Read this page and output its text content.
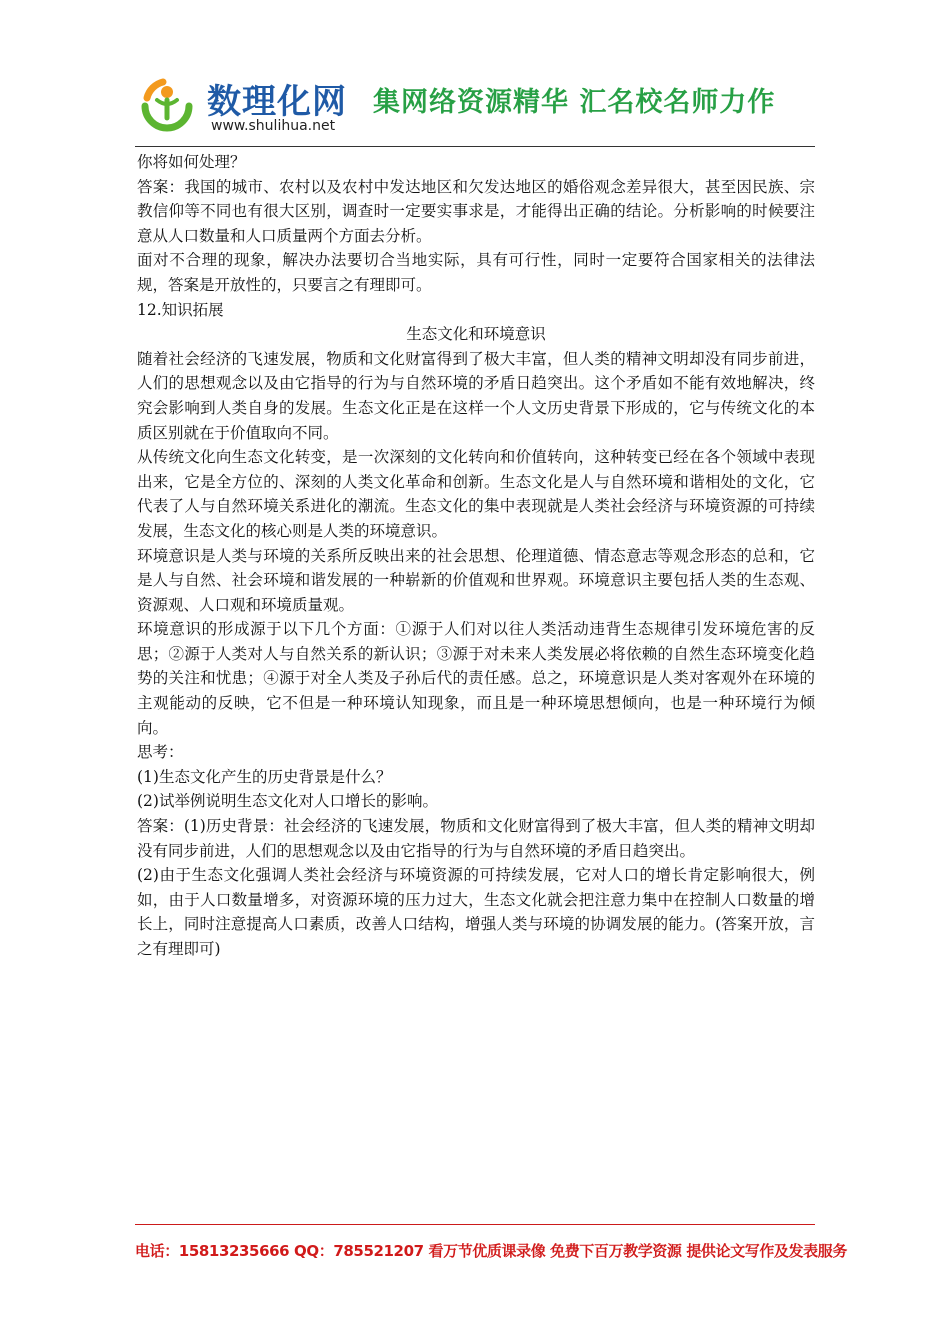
数理化网
www.shulihua.net
集网络资源精华 汇名校名师力作

你将如何处理？

答案：我国的城市、农村以及农村中发达地区和欠发达地区的婚俗观念差异很大，甚至因民族、宗教信仰等不同也有很大区别，调查时一定要实事求是，才能得出正确的结论。分析影响的时候要注意从人口数量和人口质量两个方面去分析。

面对不合理的现象，解决办法要切合当地实际，具有可行性，同时一定要符合国家相关的法律法规，答案是开放性的，只要言之有理即可。

12.知识拓展

生态文化和环境意识

随着社会经济的飞速发展，物质和文化财富得到了极大丰富，但人类的精神文明却没有同步前进，人们的思想观念以及由它指导的行为与自然环境的矛盾日趋突出。这个矛盾如不能有效地解决，终究会影响到人类自身的发展。生态文化正是在这样一个人文历史背景下形成的，它与传统文化的本质区别就在于价值取向不同。

从传统文化向生态文化转变，是一次深刻的文化转向和价值转向，这种转变已经在各个领域中表现出来，它是全方位的、深刻的人类文化革命和创新。生态文化是人与自然环境和谐相处的文化，它代表了人与自然环境关系进化的潮流。生态文化的集中表现就是人类社会经济与环境资源的可持续发展，生态文化的核心则是人类的环境意识。

环境意识是人类与环境的关系所反映出来的社会思想、伦理道德、情态意志等观念形态的总和，它是人与自然、社会环境和谐发展的一种崭新的价值观和世界观。环境意识主要包括人类的生态观、资源观、人口观和环境质量观。

环境意识的形成源于以下几个方面：①源于人们对以往人类活动违背生态规律引发环境危害的反思；②源于人类对人与自然关系的新认识；③源于对未来人类发展必将依赖的自然生态环境变化趋势的关注和忧患；④源于对全人类及子孙后代的责任感。总之，环境意识是人类对客观外在环境的主观能动的反映，它不但是一种环境认知现象，而且是一种环境思想倾向，也是一种环境行为倾向。

思考：

(1)生态文化产生的历史背景是什么？

(2)试举例说明生态文化对人口增长的影响。

答案：(1)历史背景：社会经济的飞速发展，物质和文化财富得到了极大丰富，但人类的精神文明却没有同步前进，人们的思想观念以及由它指导的行为与自然环境的矛盾日趋突出。

(2)由于生态文化强调人类社会经济与环境资源的可持续发展，它对人口的增长肯定影响很大，例如，由于人口数量增多，对资源环境的压力过大，生态文化就会把注意力集中在控制人口数量的增长上，同时注意提高人口素质，改善人口结构，增强人类与环境的协调发展的能力。(答案开放，言之有理即可)

电话：15813235666 QQ：785521207 看万节优质课录像 免费下百万教学资源 提供论文写作及发表服务
